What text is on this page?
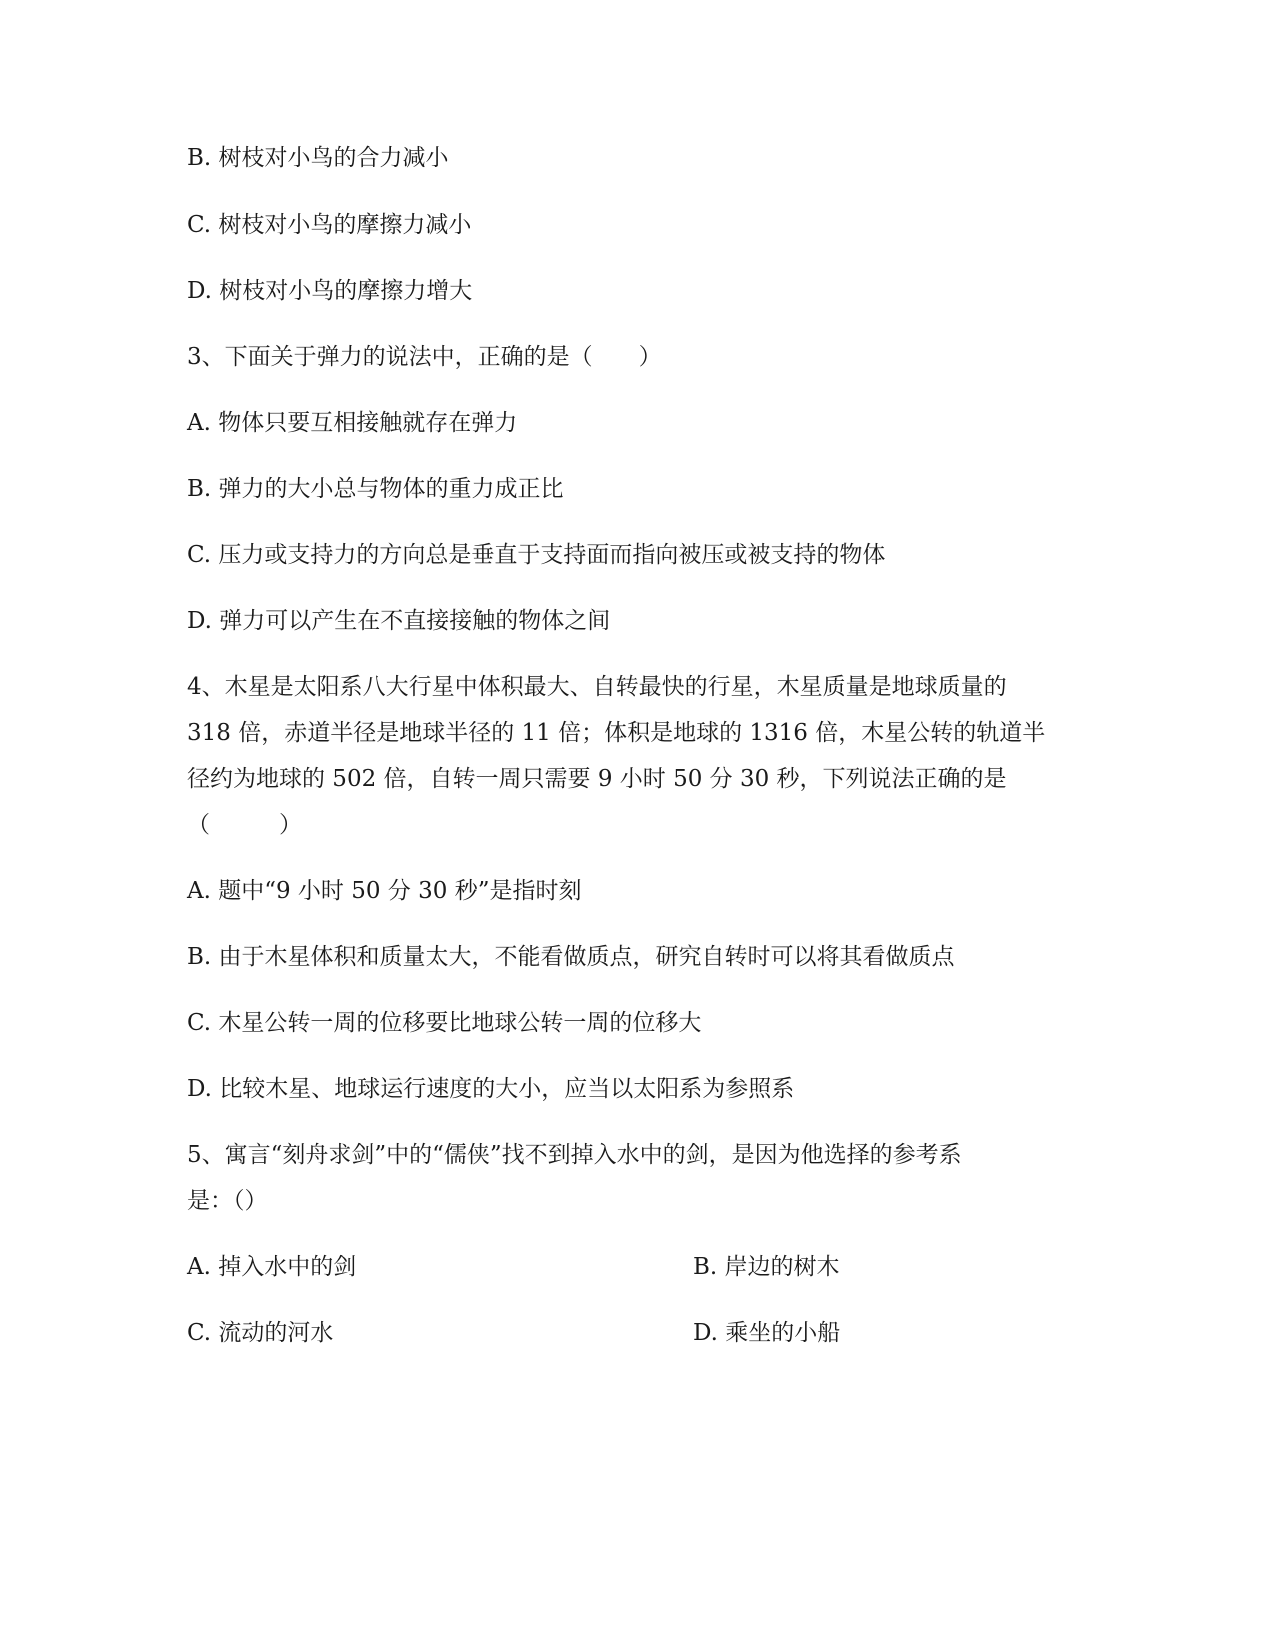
B. 树枝对小鸟的合力减小
C. 树枝对小鸟的摩擦力减小
D. 树枝对小鸟的摩擦力增大
3、下面关于弹力的说法中，正确的是（　　）
A. 物体只要互相接触就存在弹力
B. 弹力的大小总与物体的重力成正比
C. 压力或支持力的方向总是垂直于支持面而指向被压或被支持的物体
D. 弹力可以产生在不直接接触的物体之间
4、木星是太阳系八大行星中体积最大、自转最快的行星，木星质量是地球质量的
318 倍，赤道半径是地球半径的 11 倍；体积是地球的 1316 倍，木星公转的轨道半
径约为地球的 502 倍，自转一周只需要 9 小时 50 分 30 秒，下列说法正确的是
（　　　）
A. 题中“9 小时 50 分 30 秒”是指时刻
B. 由于木星体积和质量太大，不能看做质点，研究自转时可以将其看做质点
C. 木星公转一周的位移要比地球公转一周的位移大
D. 比较木星、地球运行速度的大小，应当以太阳系为参照系
5、寓言“刻舟求剑”中的“儒侠”找不到掉入水中的剑，是因为他选择的参考系
是：（）
A. 掉入水中的剑	B. 岸边的树木
C. 流动的河水	D. 乘坐的小船
